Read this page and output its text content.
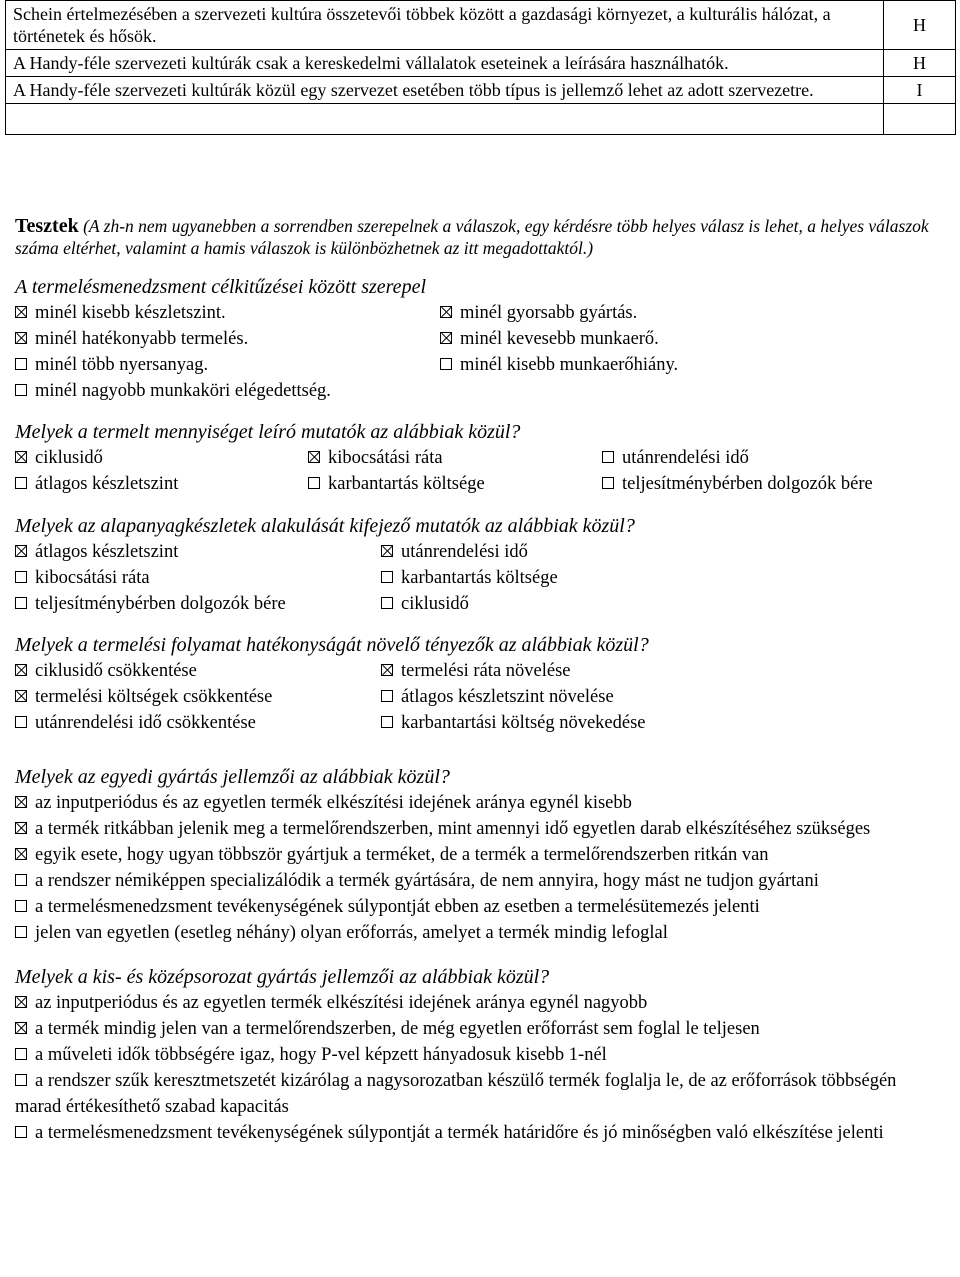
Schein értelmezésében a szervezeti kultúra összetevői többek között a gazdasági környezet, a kulturális hálózat, a történetek és hősök.	H
A Handy-féle szervezeti kultúrák csak a kereskedelmi vállalatok eseteinek a leírására használhatók.	H
A Handy-féle szervezeti kultúrák közül egy szervezet esetében több típus is jellemző lehet az adott szervezetre.	I

Tesztek (A zh-n nem ugyanebben a sorrendben szerepelnek a válaszok, egy kérdésre több helyes válasz is lehet, a helyes válaszok száma eltérhet, valamint a hamis válaszok is különbözhetnek az itt megadottaktól.)

A termelésmenedzsment célkitűzései között szerepel

minél kisebb készletszint.	minél gyorsabb gyártás.
minél hatékonyabb termelés.	minél kevesebb munkaerő.
minél több nyersanyag.	minél kisebb munkaerőhiány.
minél nagyobb munkaköri elégedettség.

Melyek a termelt mennyiséget leíró mutatók az alábbiak közül?

ciklusidő	kibocsátási ráta	utánrendelési idő
átlagos készletszint	karbantartás költsége	teljesítménybérben dolgozók bére

Melyek az alapanyagkészletek alakulását kifejező mutatók az alábbiak közül?

átlagos készletszint	utánrendelési idő
kibocsátási ráta	karbantartás költsége
teljesítménybérben dolgozók bére	ciklusidő

Melyek a termelési folyamat hatékonyságát növelő tényezők az alábbiak közül?

ciklusidő csökkentése	termelési ráta növelése
termelési költségek csökkentése	átlagos készletszint növelése
utánrendelési idő csökkentése	karbantartási költség növekedése

Melyek az egyedi gyártás jellemzői az alábbiak közül?

az inputperiódus és az egyetlen termék elkészítési idejének aránya egynél kisebb
a termék ritkábban jelenik meg a termelőrendszerben, mint amennyi idő egyetlen darab elkészítéséhez szükséges
egyik esete, hogy ugyan többször gyártjuk a terméket, de a termék a termelőrendszerben ritkán van
a rendszer némiképpen specializálódik a termék gyártására, de nem annyira, hogy mást ne tudjon gyártani
a termelésmenedzsment tevékenységének súlypontját ebben az esetben a termelésütemezés jelenti
jelen van egyetlen (esetleg néhány) olyan erőforrás, amelyet a termék mindig lefoglal

Melyek a kis- és középsorozat gyártás jellemzői az alábbiak közül?

az inputperiódus és az egyetlen termék elkészítési idejének aránya egynél nagyobb
a termék mindig jelen van a termelőrendszerben, de még egyetlen erőforrást sem foglal le teljesen
a műveleti idők többségére igaz, hogy P-vel képzett hányadosuk kisebb 1-nél
a rendszer szűk keresztmetszetét kizárólag a nagysorozatban készülő termék foglalja le, de az erőforrások többségén marad értékesíthető szabad kapacitás
a termelésmenedzsment tevékenységének súlypontját a termék határidőre és jó minőségben való elkészítése jelenti
